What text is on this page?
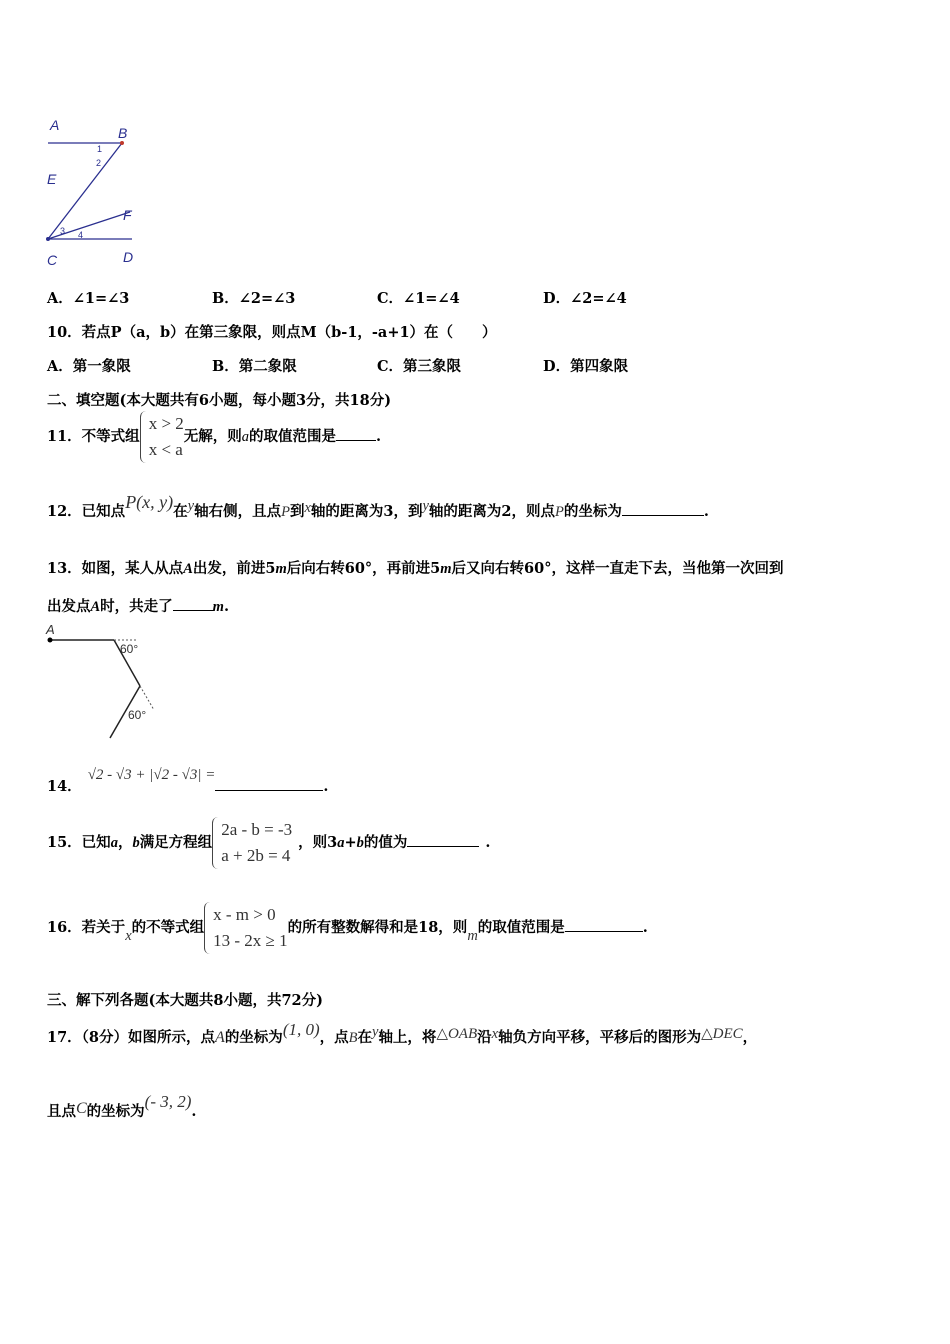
A	B
E
F
C	D
1
2
3 4
A．∠1=∠3	B．∠2=∠3	C．∠1=∠4	D．∠2=∠4
10．若点P（a，b）在第三象限，则点M（b-1，-a+1）在（　　）
A．第一象限	B．第二象限	C．第三象限	D．第四象限
二、填空题(本大题共有6小题，每小题3分，共18分)
11．不等式组
x > 2
x < a
无解，则a的取值范围是	.
12．已知点P(x, y)在y轴右侧，且点P到x轴的距离为3，到y轴的距离为2，则点P的坐标为	.
13．如图，某人从点A出发，前进5m后向右转60°，再前进5m后又向右转60°，这样一直走下去，当他第一次回到
出发点A时，共走了	m.
A
60°
60°
14．√2 - √3 + |√2 - √3| =.
15．已知a，b满足方程组
2a - b = -3
a + 2b = 4
，则3a+b的值为	.
16．若关于x的不等式组
x - m > 0
13 - 2x ≥ 1
的所有整数解得和是18，则m的取值范围是	.
三、解下列各题(本大题共8小题，共72分)
17．（8分）如图所示，点A的坐标为(1, 0)，点B在y轴上，将△OAB沿x轴负方向平移，平移后的图形为△DEC，
且点C的坐标为(- 3, 2).
